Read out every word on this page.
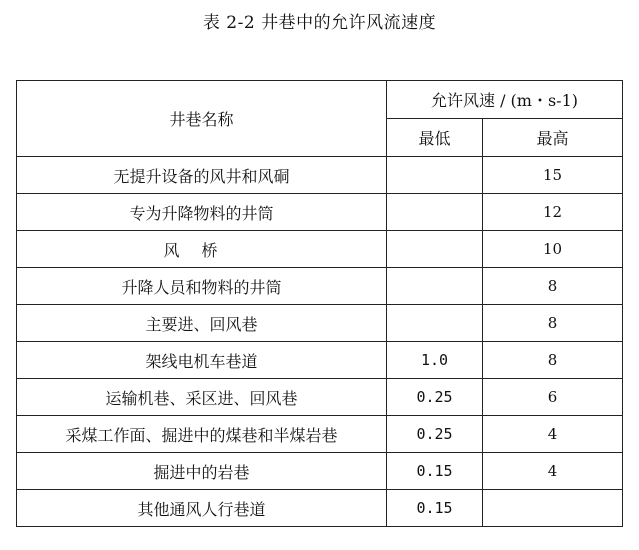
表 2-2 井巷中的允许风流速度
井巷名称	允许风速 / (m・s-1)	
	最低	最高
无提升设备的风井和风硐		15
专为升降物料的井筒		12
风桥		10
升降人员和物料的井筒		8
主要进、回风巷		8
架线电机车巷道	1.0	8
运输机巷、采区进、回风巷	0.25	6
采煤工作面、掘进中的煤巷和半煤岩巷	0.25	4
掘进中的岩巷	0.15	4
其他通风人行巷道	0.15	
